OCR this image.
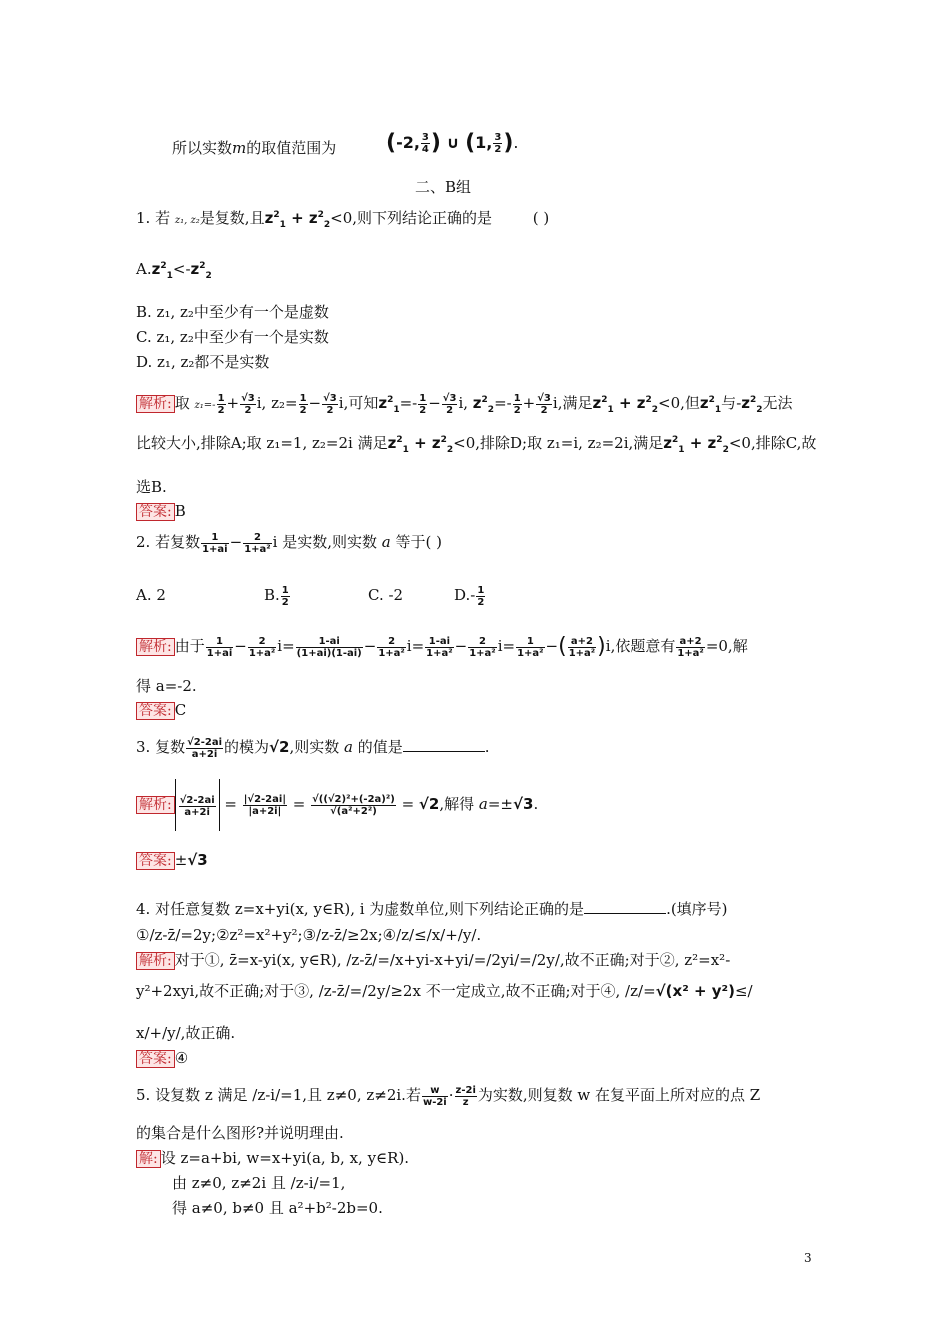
所以实数m的取值范围为 (-2, $\frac{3}{4}$ ) ∪ (1, $\frac{3}{2}$ ).
二、B组
1. 若 z₁, z₂是复数,且$z^2_1 + z^2_2<0$,则下列结论正确的是	( )
$A.z^2_1<-z^2_2$
B. z₁, z₂中至少有一个是虚数
C. z₁, z₂中至少有一个是实数
D. z₁, z₂都不是实数
解析: 取 $z_1=- \frac{1}{2} + \frac{√3}{2} i$, $z_2= \frac{1}{2} - \frac{√3}{2} i$,可知$z^2_1=- \frac{1}{2} - \frac{√3}{2} i$, $z^2_2=- \frac{1}{2} + \frac{√3}{2} i$,满足$z^2_1 + z^2_2<0$,但$z^2_1$与$-z^2_2$无法
比较大小,排除A;取 z₁=1, z₂=2i 满足$z^2_1 + z^2_2<0$,排除D;取 z₁=i, z₂=2i,满足$z^2_1 + z^2_2<0$,排除C,故
选B.
答案: B
2. 若复数 $\frac{1}{1+ai} - \frac{2}{\text{1+a²}}$ i 是实数,则实数 a 等于( )
A. 2	B. $\frac{1}{2}$	C. -2	$D.- \frac{1}{2}$
解析: 由于 $\frac{1}{1+ai} - \frac{2}{\text{1+a²}} i= \frac{1-ai}{(1+ai)(1-ai)} - \frac{2}{\text{1+a²}} i= \frac{1-ai}{\text{1+a²}} - \frac{2}{\text{1+a²}} i= \frac{1}{\text{1+a²}}$ −( $\frac{a+2}{\text{1+a²}} )i$,依题意有 $\frac{a+2}{\text{1+a²}} =0$,解
得 a=-2.
答案: C
3. 复数 $\frac{√2-2ai}{a+2i}$ 的模为√2,则实数 a 的值是	.
解析: $\frac{√2-2ai}{a+2i} = \frac{|√2-2ai|}{|a+2i|} = \frac{\text{√((√2)²+(-2a)²)}}{\text{√(a²+2²)}} = √2$,解得 a=±√3.
答案: ±√3
4. 对任意复数 z=x+yi(x, y∈R), i 为虚数单位,则下列结论正确的是	.(填序号)
①/z-z̄/=2y;②z²=x²+y²;③/z-z̄/≥2x;④/z/≤/x/+/y/.
解析: 对于①, z̄=x-yi(x, y∈R), /z-z̄/=/x+yi-x+yi/=/2yi/=/2y/,故不正确;对于②, z²=x²-
y²+2xyi,故不正确;对于③, /z-z̄/=/2y/≥2x 不一定成立,故不正确;对于④, /z/=√(x² + y²)≤/
x/+/y/,故正确.
答案: ④
5. 设复数 z 满足 /z-i/=1,且 z≠0, z≠2i.若 $\frac{w}{w-2i} \cdot \frac{z-2i}{z}$ 为实数,则复数 w 在复平面上所对应的点 Z
的集合是什么图形?并说明理由.
解: 设 z=a+bi, w=x+yi(a, b, x, y∈R).
由 z≠0, z≠2i 且 /z-i/=1,
得 a≠0, b≠0 且 a²+b²-2b=0.
3
